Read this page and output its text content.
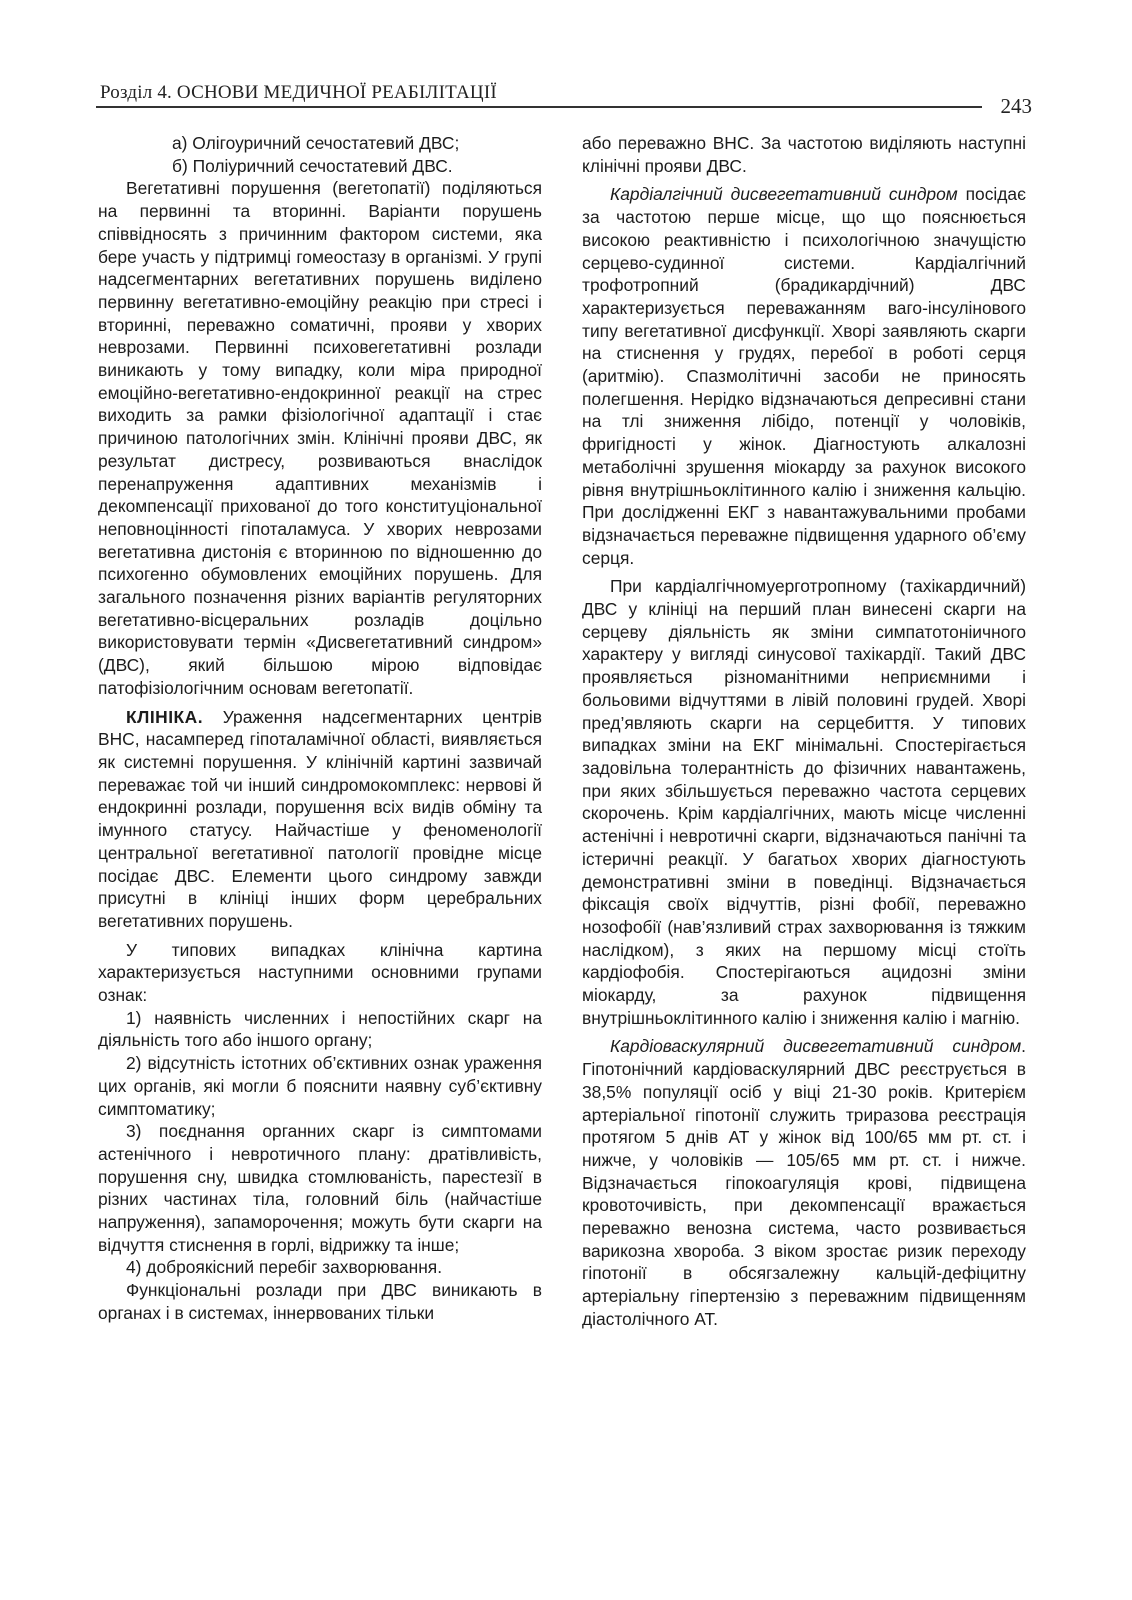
Розділ 4. ОСНОВИ МЕДИЧНОЇ РЕАБІЛІТАЦІЇ
243

а) Олігоуричний сечостатевий ДВС;

б) Поліуричний сечостатевий ДВС.

Вегетативні порушення (вегетопатії) поділяються на первинні та вторинні. Варіанти порушень співвідносять з причинним фактором системи, яка бере участь у підтримці гомеостазу в організмі. У групі надсегментарних вегетативних порушень виділено первинну вегетативно-емоційну реакцію при стресі і вторинні, переважно соматичні, прояви у хворих неврозами. Первинні психовегетативні розлади виникають у тому випадку, коли міра природної емоційно-вегетативно-ендокринної реакції на стрес виходить за рамки фізіологічної адаптації і стає причиною патологічних змін. Клінічні прояви ДВС, як результат дистресу, розвиваються внаслідок перенапруження адаптивних механізмів і декомпенсації прихованої до того конституціональної неповноцінності гіпоталамуса. У хворих неврозами вегетативна дистонія є вторинною по відношенню до психогенно обумовлених емоційних порушень. Для загального позначення різних варіантів регуляторних вегетативно-вісцеральних розладів доцільно використовувати термін «Дисвегетативний синдром» (ДВС), який більшою мірою відповідає патофізіологічним основам вегетопатії.

КЛІНІКА. Ураження надсегментарних центрів ВНС, насамперед гіпоталамічної області, виявляється як системні порушення. У клінічній картині зазвичай переважає той чи інший синдромокомплекс: нервові й ендокринні розлади, порушення всіх видів обміну та імунного статусу. Найчастіше у феноменології центральної вегетативної патології провідне місце посідає ДВС. Елементи цього синдрому завжди присутні в клініці інших форм церебральних вегетативних порушень.

У типових випадках клінічна картина характеризується наступними основними групами ознак:

1) наявність численних і непостійних скарг на діяльність того або іншого органу;

2) відсутність істотних об’єктивних ознак ураження цих органів, які могли б пояснити наявну суб’єктивну симптоматику;

3) поєднання органних скарг із симптомами астенічного і невротичного плану: дратівливість, порушення сну, швидка стомлюваність, парестезії в різних частинах тіла, головний біль (найчастіше напруження), запаморочення; можуть бути скарги на відчуття стиснення в горлі, відрижку та інше;

4) доброякісний перебіг захворювання.

Функціональні розлади при ДВС виникають в органах і в системах, іннервованих тільки

або переважно ВНС. За частотою виділяють наступні клінічні прояви ДВС.

Кардіалгічний дисвегетативний синдром посідає за частотою перше місце, що що пояснюється високою реактивністю і психологічною значущістю серцево-судинної системи. Кардіалгічний трофотропний (брадикардічний) ДВС характеризується переважанням ваго-інсулінового типу вегетативної дисфункції. Хворі заявляють скарги на стиснення у грудях, перебої в роботі серця (аритмію). Спазмолітичні засоби не приносять полегшення. Нерідко відзначаються депресивні стани на тлі зниження лібідо, потенції у чоловіків, фригідності у жінок. Діагностують алкалозні метаболічні зрушення міокарду за рахунок високого рівня внутрішньоклітинного калію і зниження кальцію. При дослідженні ЕКГ з навантажувальними пробами відзначається переважне підвищення ударного об’єму серця.

При кардіалгічномуерготропному (тахікардичний) ДВС у клініці на перший план винесені скарги на серцеву діяльність як зміни симпатотоніичного характеру у вигляді синусової тахікардії. Такий ДВС проявляється різноманітними неприємними і больовими відчуттями в лівій половині грудей. Хворі пред’являють скарги на серцебиття. У типових випадках зміни на ЕКГ мінімальні. Спостерігається задовільна толерантність до фізичних навантажень, при яких збільшується переважно частота серцевих скорочень. Крім кардіалгічних, мають місце численні астенічні і невротичні скарги, відзначаються панічні та істеричні реакції. У багатьох хворих діагностують демонстративні зміни в поведінці. Відзначається фіксація своїх відчуттів, різні фобії, переважно нозофобії (нав’язливий страх захворювання із тяжким наслідком), з яких на першому місці стоїть кардіофобія. Спостерігаються ацидозні зміни міокарду, за рахунок підвищення внутрішньоклітинного калію і зниження калію і магнію.

Кардіоваскулярний дисвегетативний синдром. Гіпотонічний кардіоваскулярний ДВС реєструється в 38,5% популяції осіб у віці 21-30 років. Критерієм артеріальної гіпотонії служить триразова реєстрація протягом 5 днів АТ у жінок від 100/65 мм рт. ст. і нижче, у чоловіків — 105/65 мм рт. ст. і нижче. Відзначається гіпокоагуляція крові, підвищена кровоточивість, при декомпенсації вражається переважно венозна система, часто розвивається варикозна хвороба. З віком зростає ризик переходу гіпотонії в обсягзалежну кальцій-дефіцитну артеріальну гіпертензію з переважним підвищенням діастолічного АТ.
